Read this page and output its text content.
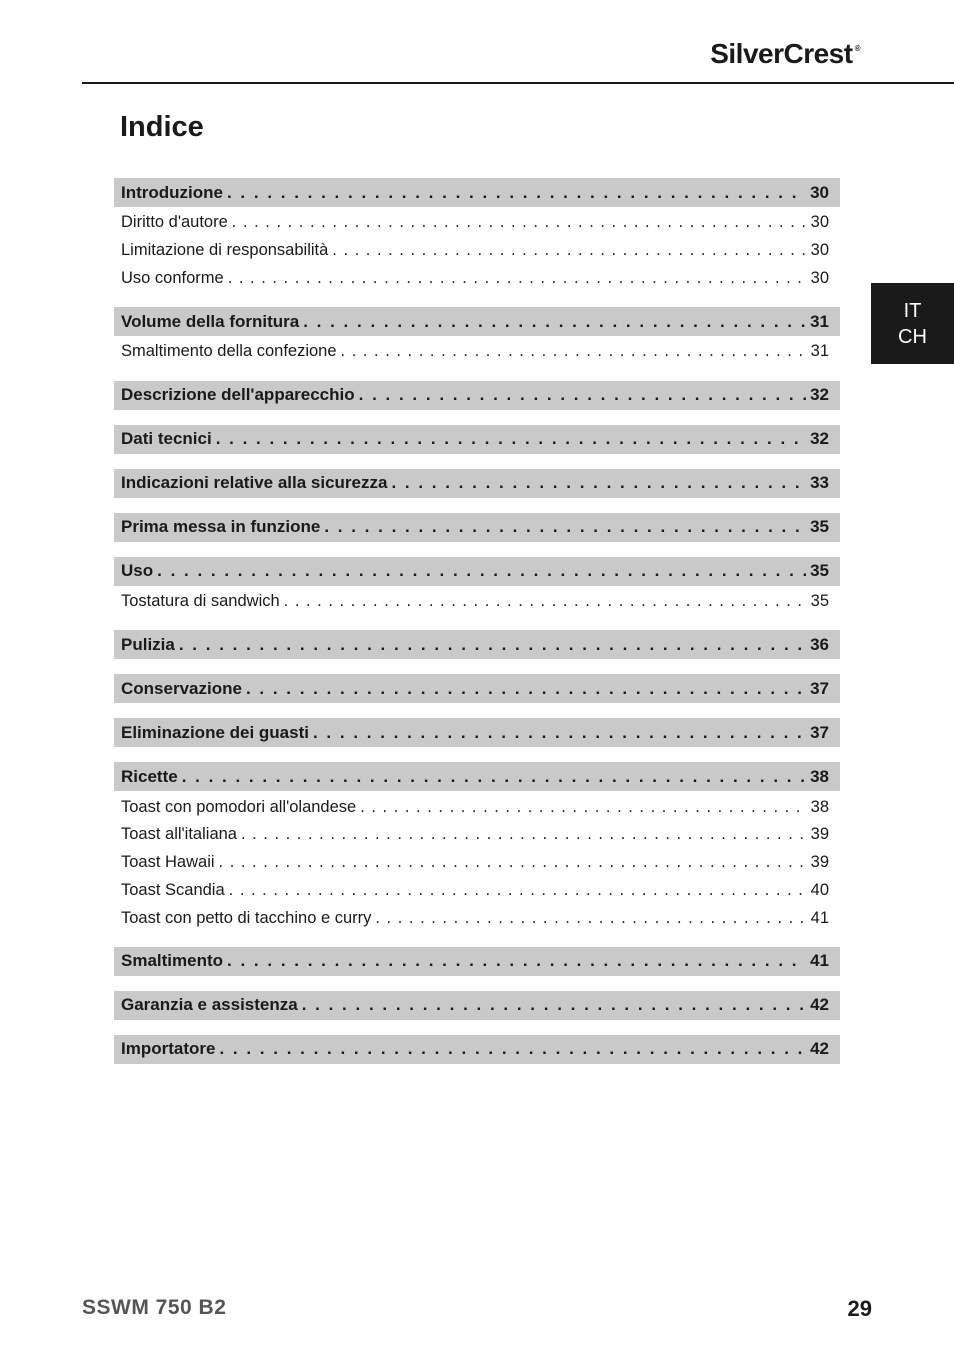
SilverCrest ®
Indice
IT
CH
Introduzione . . .	30
Diritto d'autore . . .	30
Limitazione di responsabilità . . .	30
Uso conforme . . .	30
Volume della fornitura . . .	31
Smaltimento della confezione . . .	31
Descrizione dell'apparecchio . . .	32
Dati tecnici . . .	32
Indicazioni relative alla sicurezza . . .	33
Prima messa in funzione . . .	35
Uso . . .	35
Tostatura di sandwich . . .	35
Pulizia . . .	36
Conservazione . . .	37
Eliminazione dei guasti . . .	37
Ricette . . .	38
Toast con pomodori all'olandese . . .	38
Toast all'italiana . . .	39
Toast Hawaii . . .	39
Toast Scandia . . .	40
Toast con petto di tacchino e curry . . .	41
Smaltimento . . .	41
Garanzia e assistenza . . .	42
Importatore . . .	42
SSWM 750 B2	29
